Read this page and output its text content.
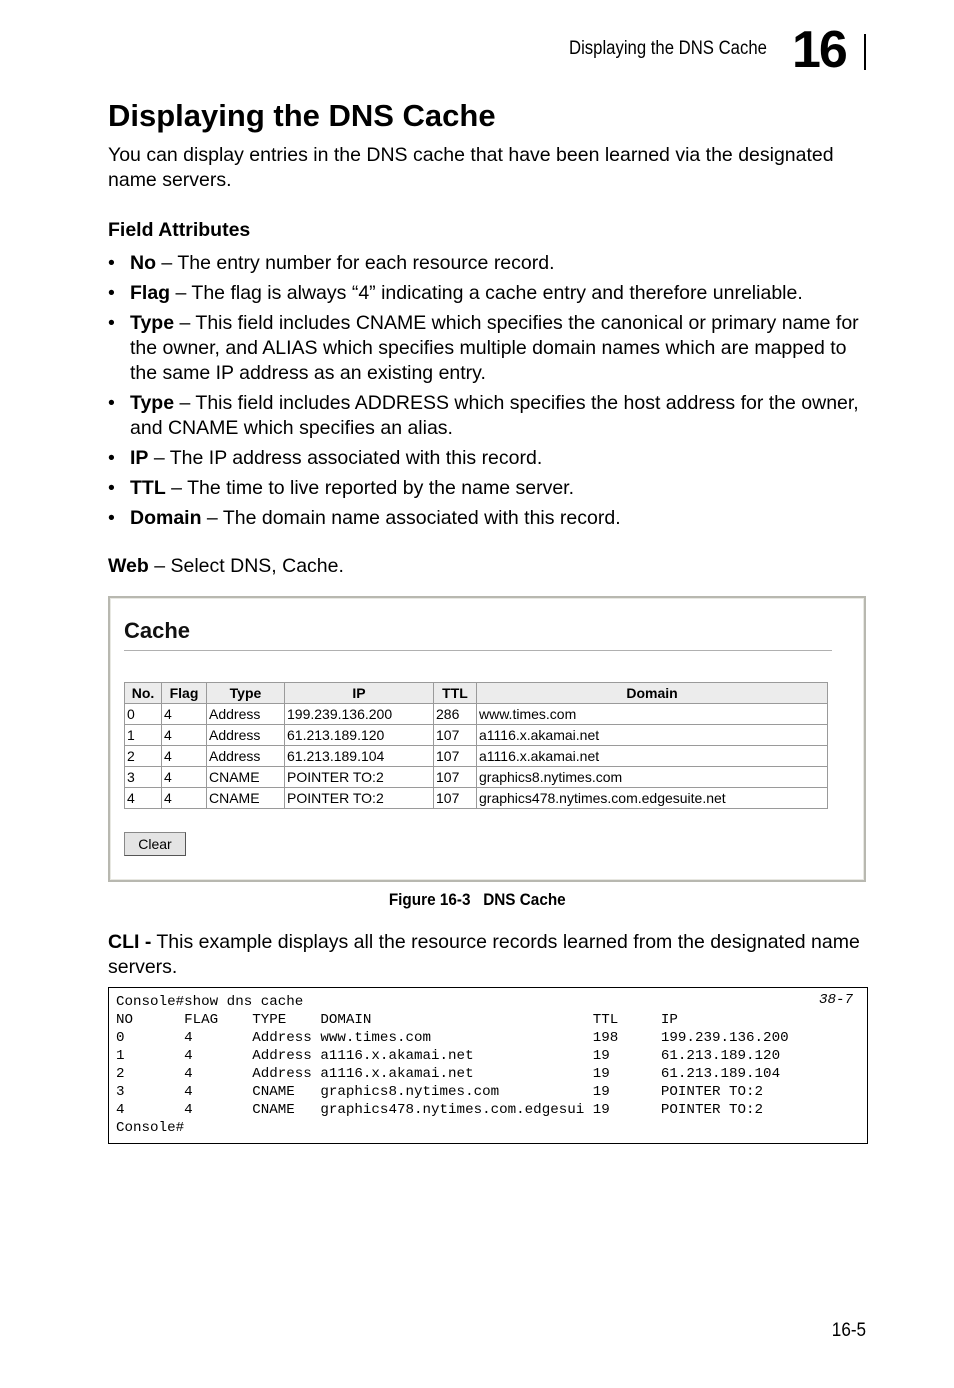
Displaying the DNS Cache 16
Displaying the DNS Cache

You can display entries in the DNS cache that have been learned via the designated name servers.

Field Attributes
• No – The entry number for each resource record.
• Flag – The flag is always “4” indicating a cache entry and therefore unreliable.
• Type – This field includes CNAME which specifies the canonical or primary name for the owner, and ALIAS which specifies multiple domain names which are mapped to the same IP address as an existing entry.
• Type – This field includes ADDRESS which specifies the host address for the owner, and CNAME which specifies an alias.
• IP – The IP address associated with this record.
• TTL – The time to live reported by the name server.
• Domain – The domain name associated with this record.
Web – Select DNS, Cache.
Cache
No.	Flag	Type	IP	TTL	Domain
0	4	Address	199.239.136.200	286	www.times.com
1	4	Address	61.213.189.120	107	a1116.x.akamai.net
2	4	Address	61.213.189.104	107	a1116.x.akamai.net
3	4	CNAME	POINTER TO:2	107	graphics8.nytimes.com
4	4	CNAME	POINTER TO:2	107	graphics478.nytimes.com.edgesuite.net
Clear
Figure 16-3   DNS Cache
CLI - This example displays all the resource records learned from the designated name servers.
38-7
Console#show dns cache
NO      FLAG    TYPE    DOMAIN                          TTL     IP
0       4       Address www.times.com                   198     199.239.136.200
1       4       Address a1116.x.akamai.net              19      61.213.189.120
2       4       Address a1116.x.akamai.net              19      61.213.189.104
3       4       CNAME   graphics8.nytimes.com           19      POINTER TO:2
4       4       CNAME   graphics478.nytimes.com.edgesui 19      POINTER TO:2
Console#
16-5
